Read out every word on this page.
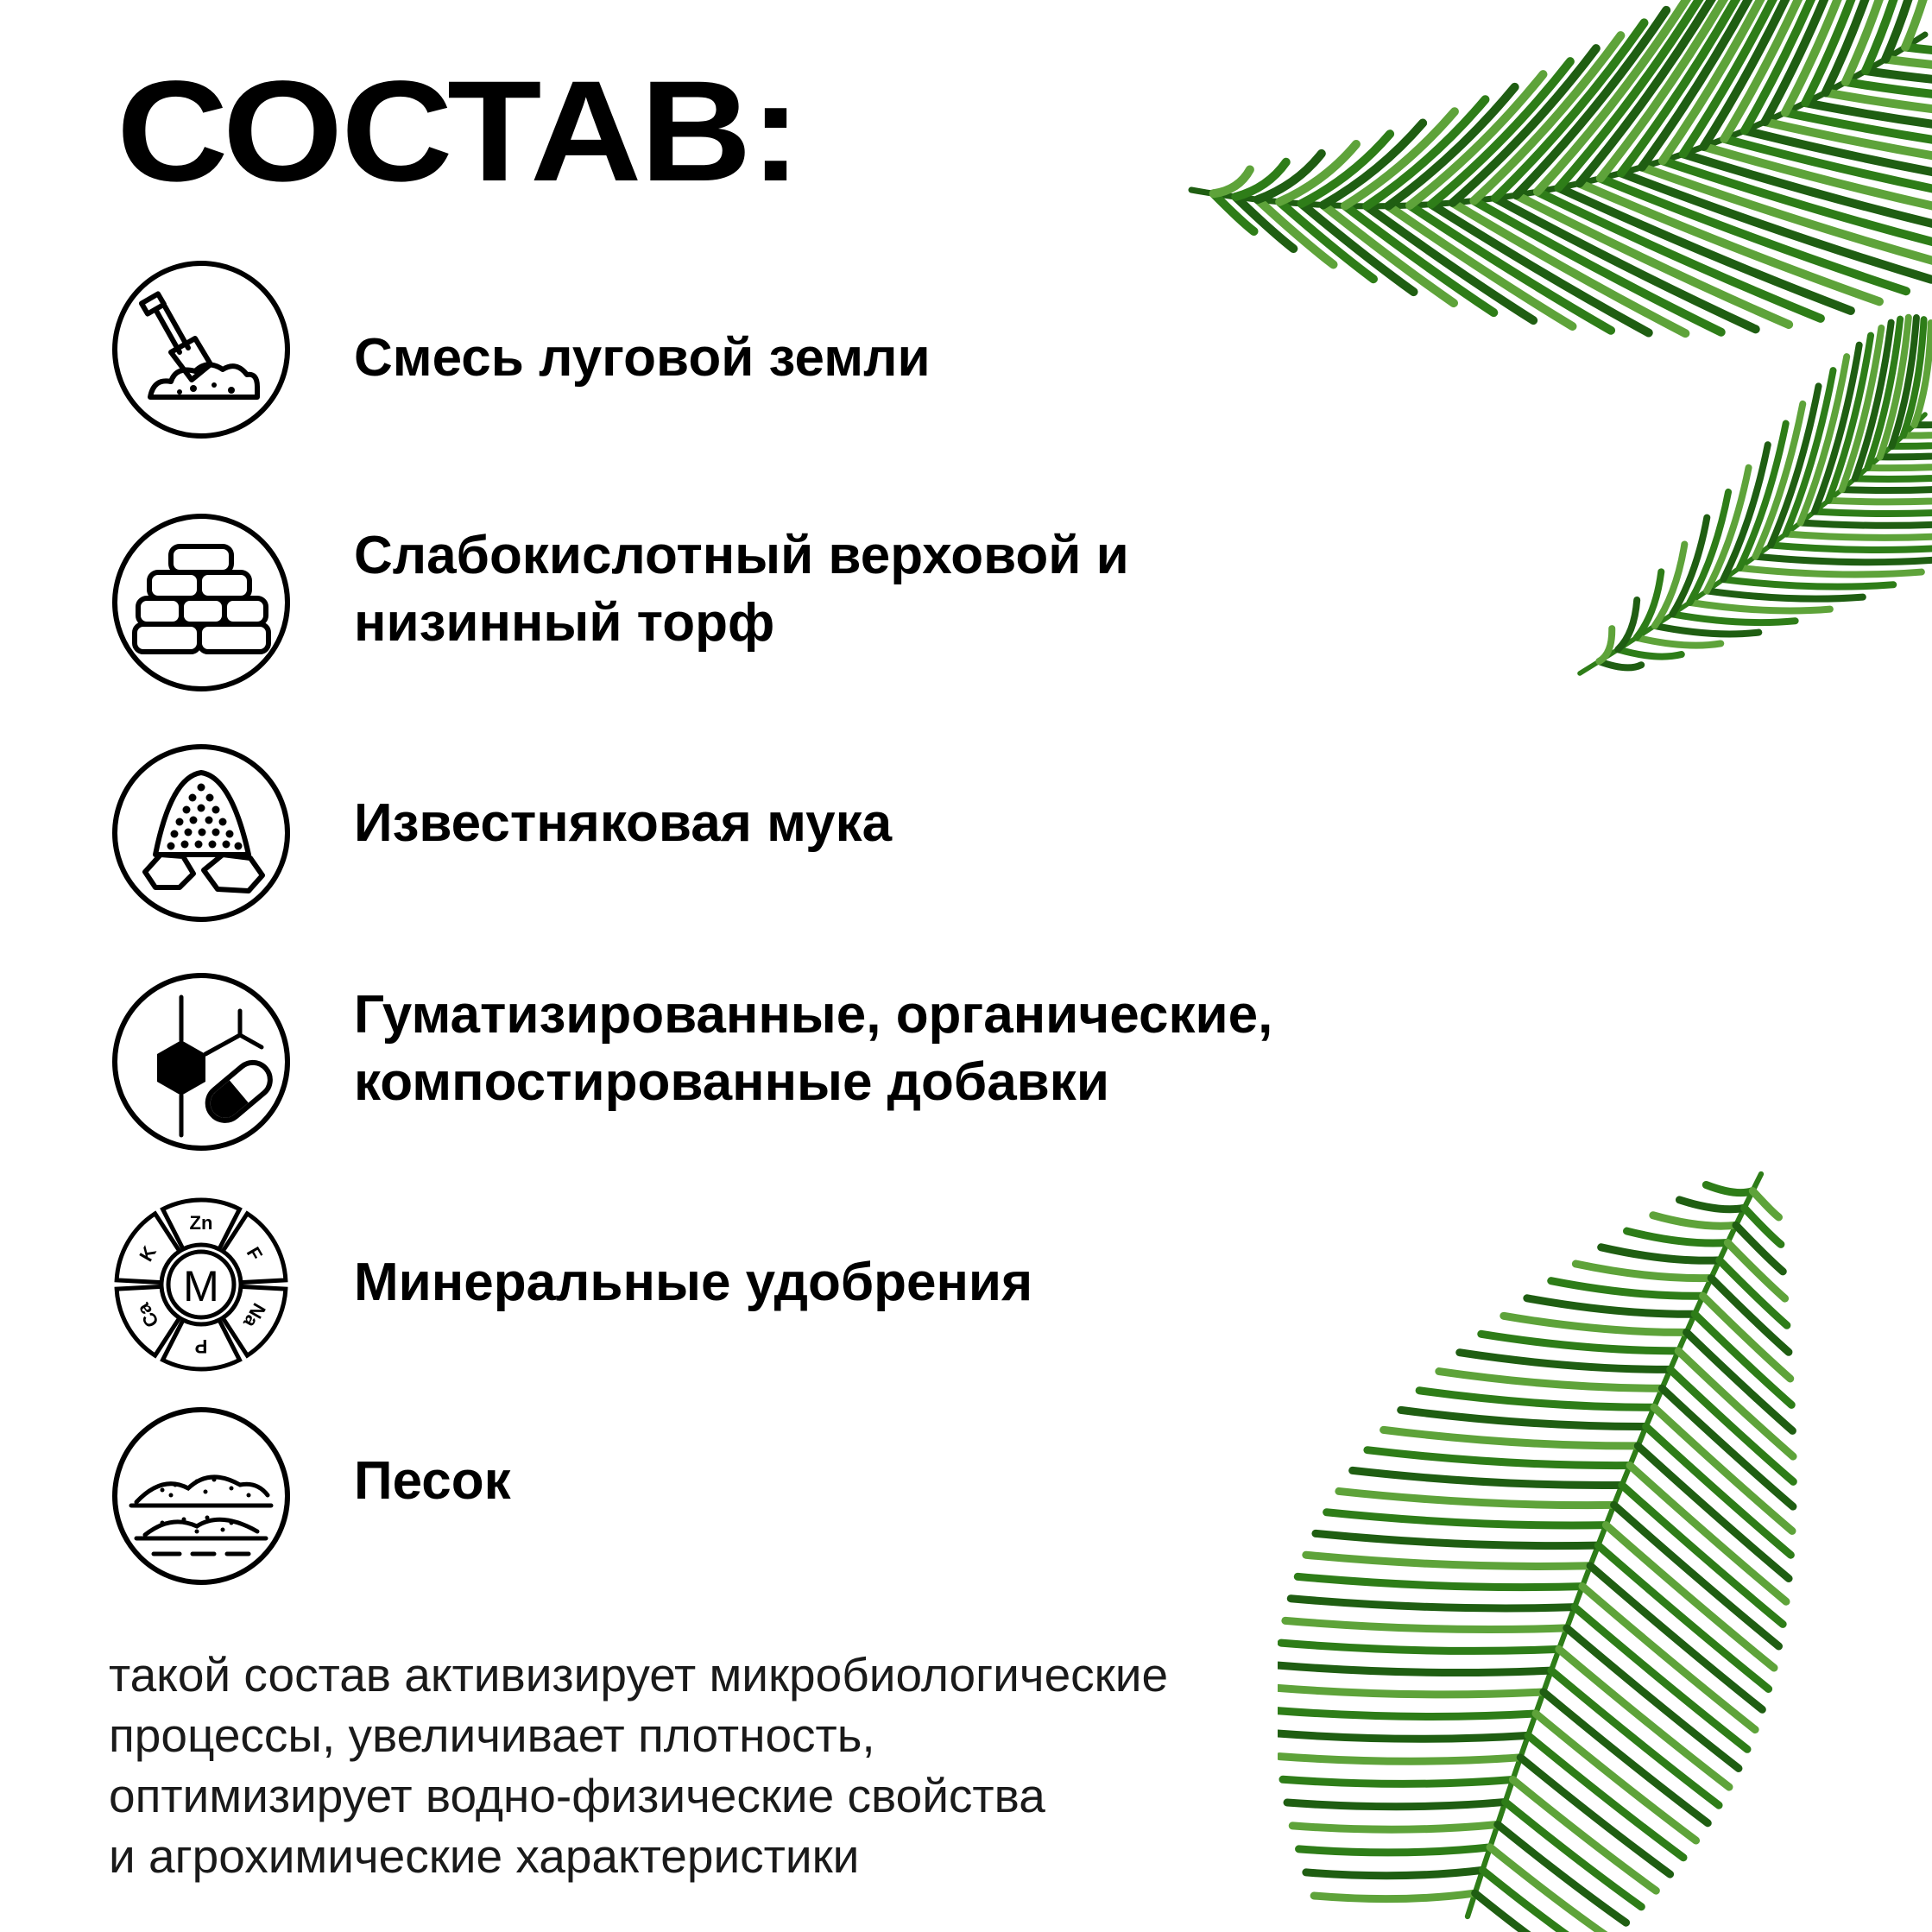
СОСТАВ:
Смесь луговой земли
Слабокислотный верховой и
низинный торф
Известняковая мука
Гуматизированные, органические,
компостированные добавки
M
Zn
F
Na
P
Ca
K	Минеральные удобрения
Песок
такой состав активизирует микробиологические
процессы, увеличивает плотность,
оптимизирует водно-физические свойства
и агрохимические характеристики
